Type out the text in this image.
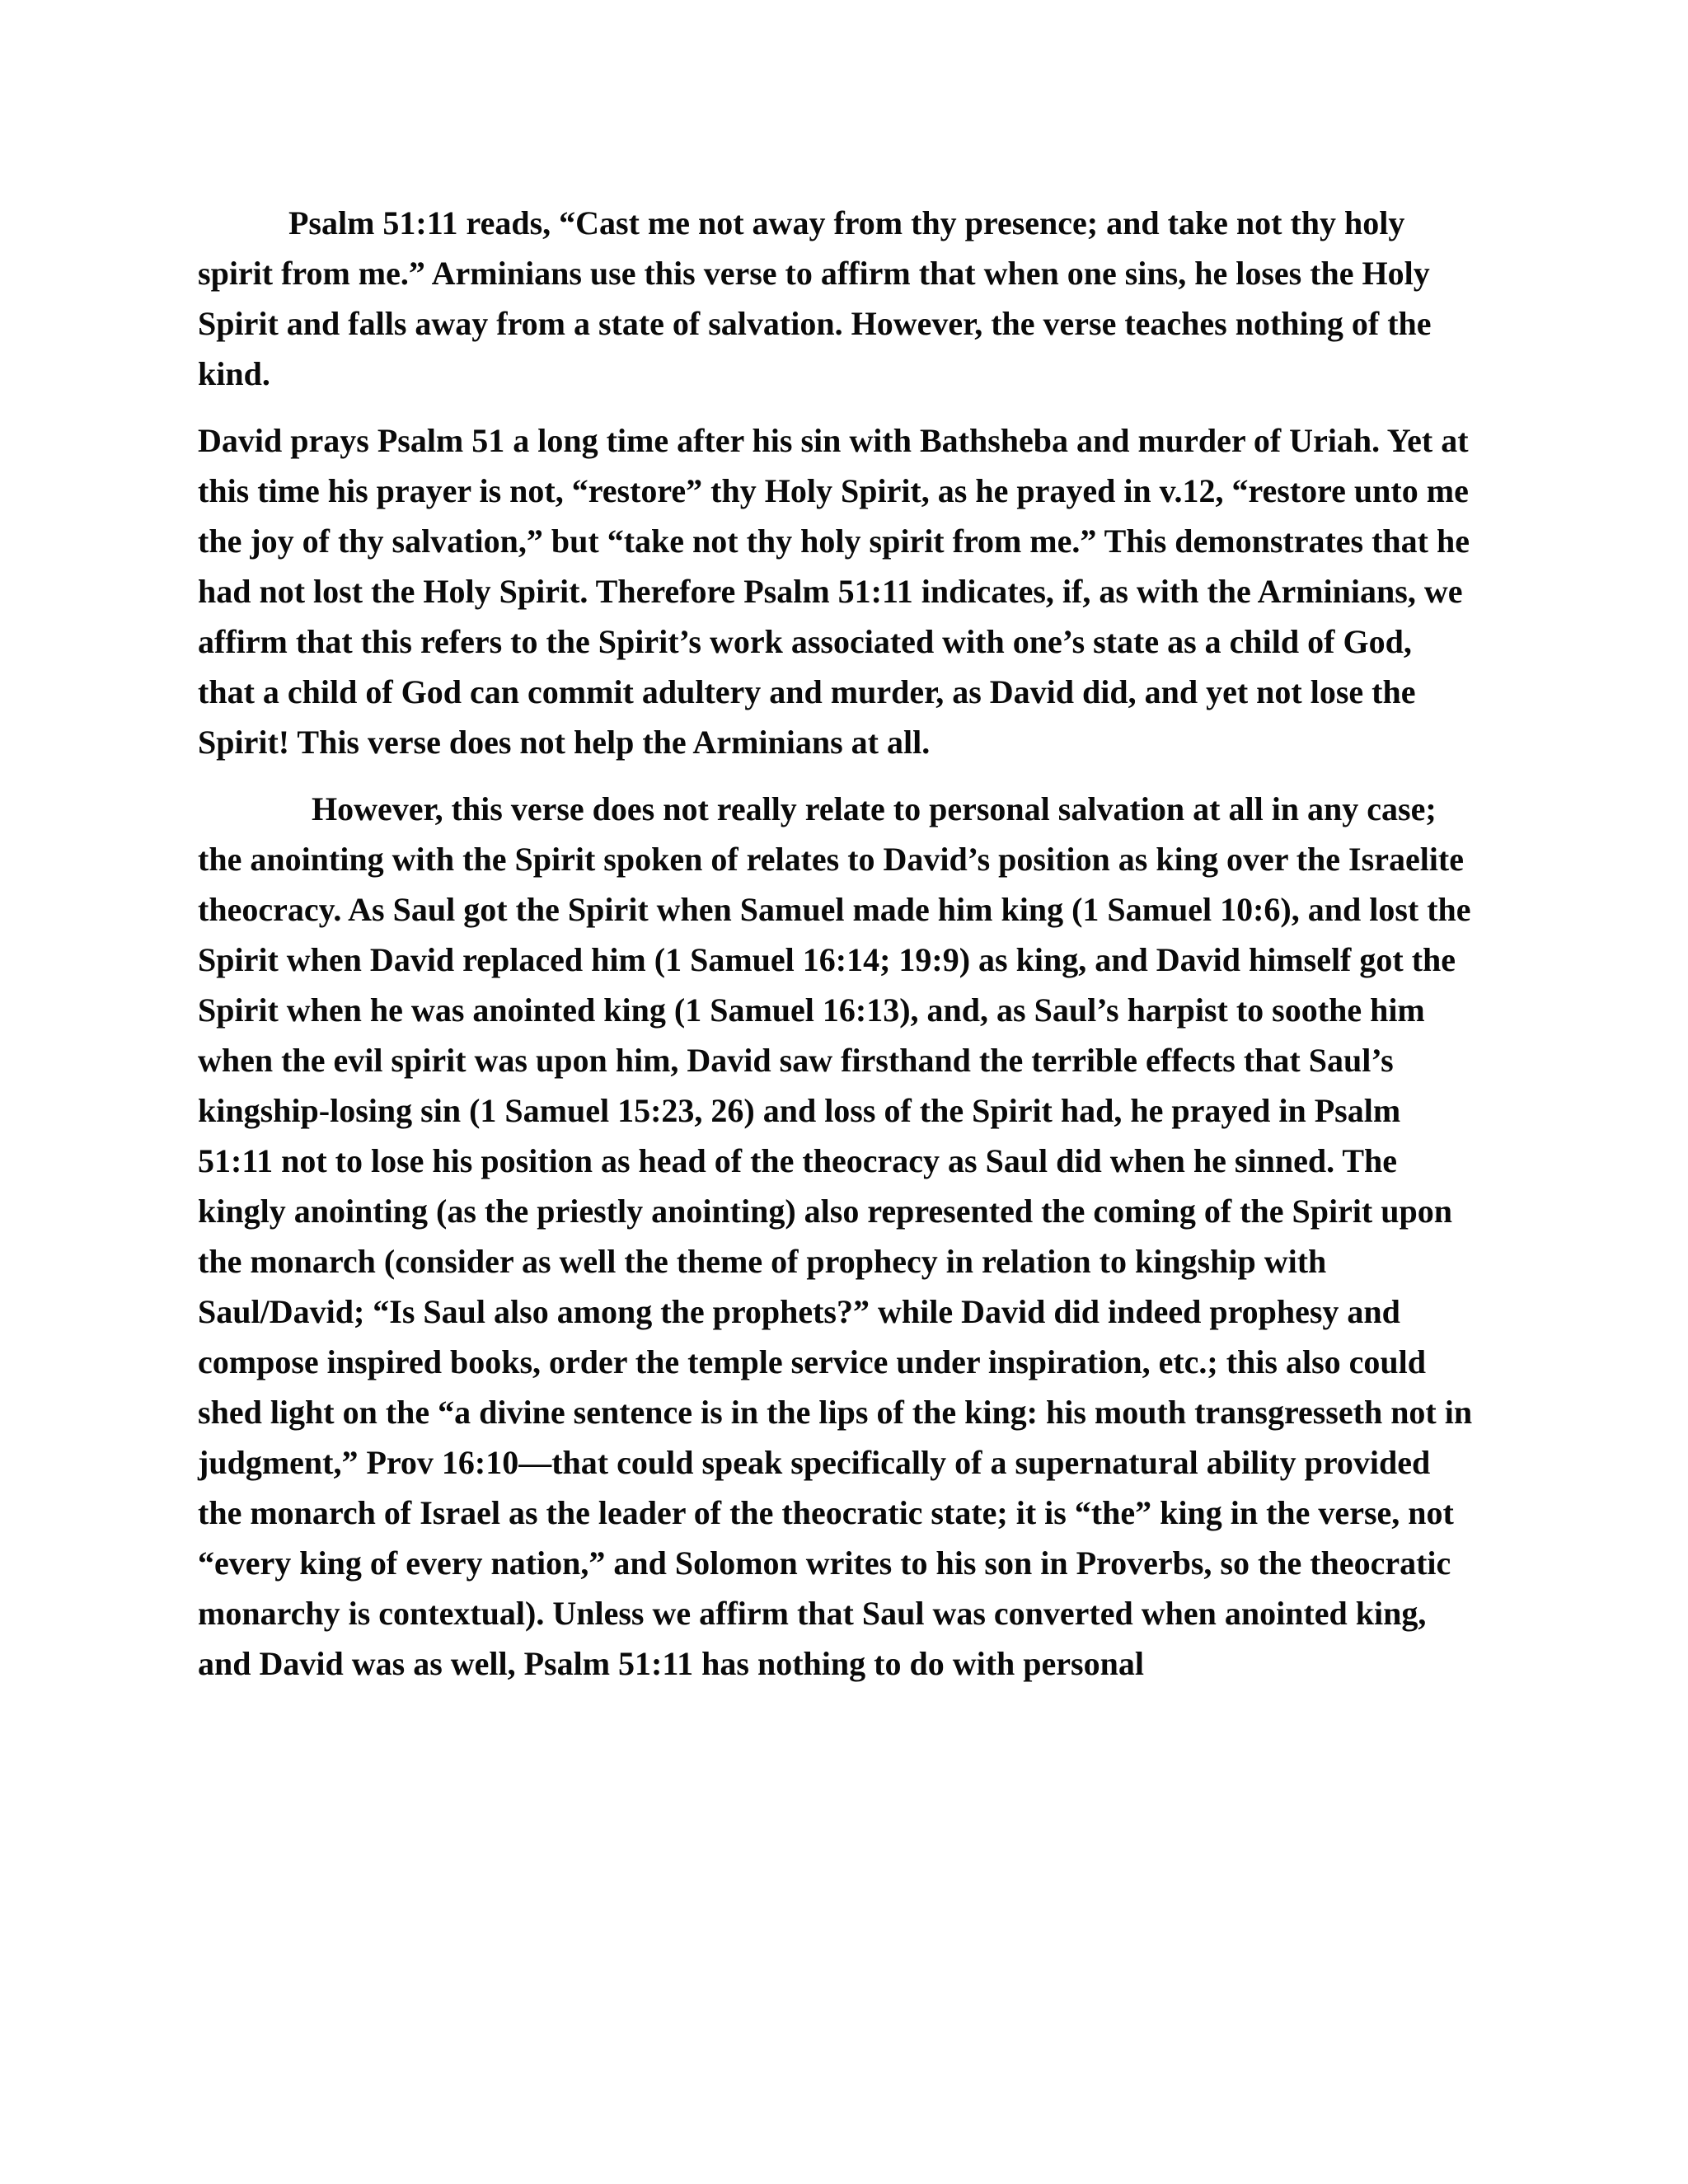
Psalm 51:11 reads, “Cast me not away from thy presence; and take not thy holy spirit from me.” Arminians use this verse to affirm that when one sins, he loses the Holy Spirit and falls away from a state of salvation. However, the verse teaches nothing of the kind.

David prays Psalm 51 a long time after his sin with Bathsheba and murder of Uriah. Yet at this time his prayer is not, “restore” thy Holy Spirit, as he prayed in v.12, “restore unto me the joy of thy salvation,” but “take not thy holy spirit from me.” This demonstrates that he had not lost the Holy Spirit. Therefore Psalm 51:11 indicates, if, as with the Arminians, we affirm that this refers to the Spirit’s work associated with one’s state as a child of God, that a child of God can commit adultery and murder, as David did, and yet not lose the Spirit! This verse does not help the Arminians at all.

However, this verse does not really relate to personal salvation at all in any case; the anointing with the Spirit spoken of relates to David’s position as king over the Israelite theocracy. As Saul got the Spirit when Samuel made him king (1 Samuel 10:6), and lost the Spirit when David replaced him (1 Samuel 16:14; 19:9) as king, and David himself got the Spirit when he was anointed king (1 Samuel 16:13), and, as Saul’s harpist to soothe him when the evil spirit was upon him, David saw firsthand the terrible effects that Saul’s kingship-losing sin (1 Samuel 15:23, 26) and loss of the Spirit had, he prayed in Psalm 51:11 not to lose his position as head of the theocracy as Saul did when he sinned. The kingly anointing (as the priestly anointing) also represented the coming of the Spirit upon the monarch (consider as well the theme of prophecy in relation to kingship with Saul/David; “Is Saul also among the prophets?” while David did indeed prophesy and compose inspired books, order the temple service under inspiration, etc.; this also could shed light on the “a divine sentence is in the lips of the king: his mouth transgresseth not in judgment,” Prov 16:10—that could speak specifically of a supernatural ability provided the monarch of Israel as the leader of the theocratic state; it is “the” king in the verse, not “every king of every nation,” and Solomon writes to his son in Proverbs, so the theocratic monarchy is contextual). Unless we affirm that Saul was converted when anointed king, and David was as well, Psalm 51:11 has nothing to do with personal
